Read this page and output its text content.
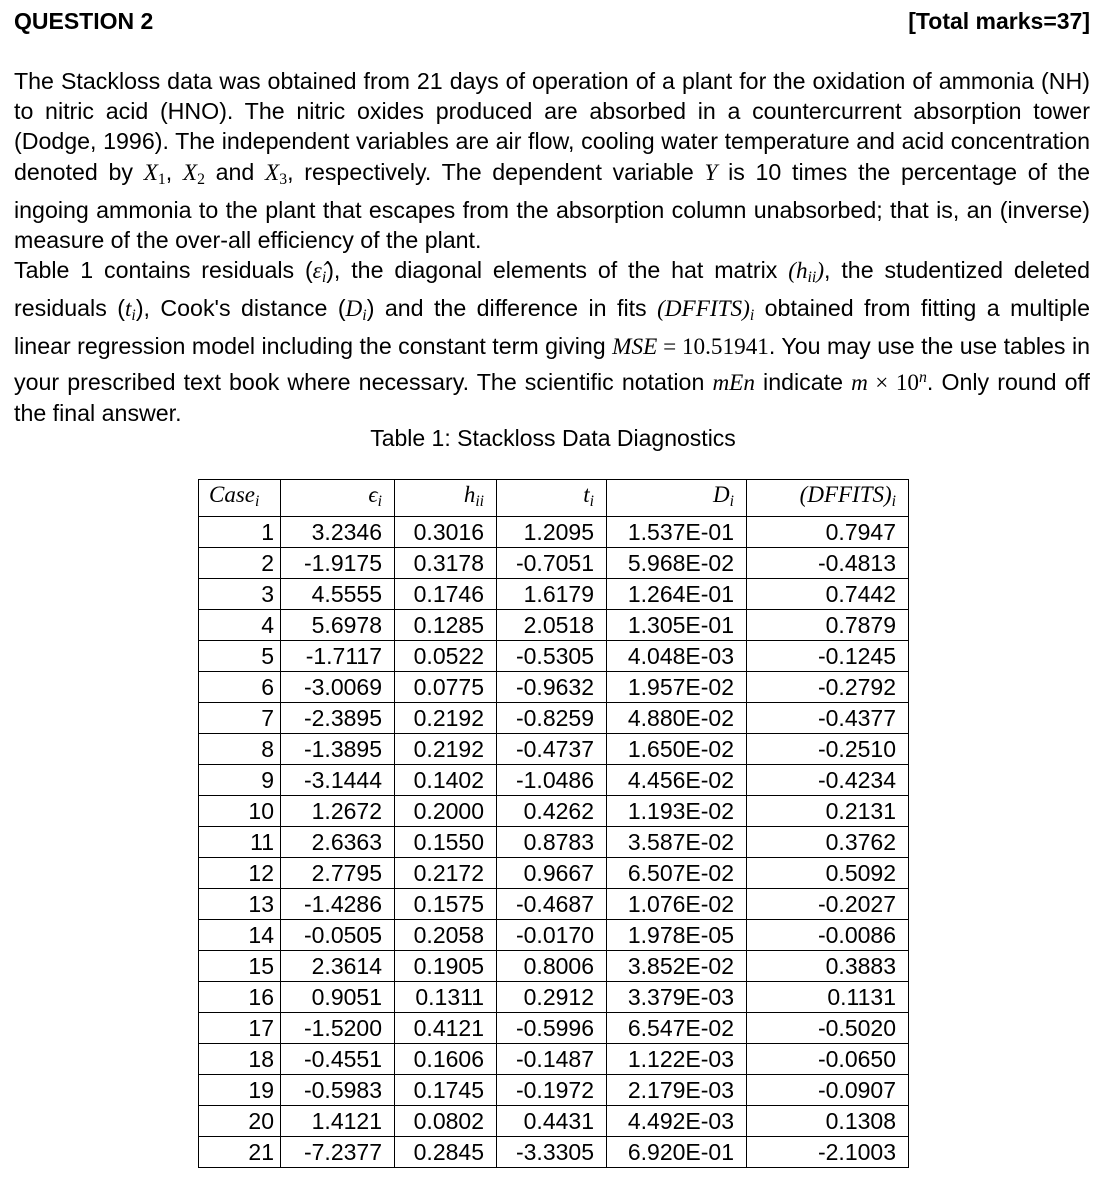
QUESTION 2	[Total marks=37]

The Stackloss data was obtained from 21 days of operation of a plant for the oxidation of ammonia (NH) to nitric acid (HNO). The nitric oxides produced are absorbed in a countercurrent absorption tower (Dodge, 1996). The independent variables are air flow, cooling water temperature and acid concentration denoted by X1, X2 and X3, respectively. The dependent variable Y is 10 times the percentage of the ingoing ammonia to the plant that escapes from the absorption column unabsorbed; that is, an (inverse) measure of the over-all efficiency of the plant.

Table 1 contains residuals $(\varepsilon̂_i)$, the diagonal elements of the hat matrix $(h_{ii})$, the studentized deleted residuals $(t_i)$, Cook's distance $(D_i)$ and the difference in fits $(DFFITS)_i$ obtained from fitting a multiple linear regression model including the constant term giving MSE = 10.51941. You may use the use tables in your prescribed text book where necessary. The scientific notation mEn indicate $m \times 10^n$. Only round off the final answer.

Table 1: Stackloss Data Diagnostics
Case$_i$	$\epsilon_i$	$h_{ii}$	$t_i$	$D_i$	$(DFFITS)_i$
1	3.2346	0.3016	1.2095	1.537E-01	0.7947
2	-1.9175	0.3178	-0.7051	5.968E-02	-0.4813
3	4.5555	0.1746	1.6179	1.264E-01	0.7442
4	5.6978	0.1285	2.0518	1.305E-01	0.7879
5	-1.7117	0.0522	-0.5305	4.048E-03	-0.1245
6	-3.0069	0.0775	-0.9632	1.957E-02	-0.2792
7	-2.3895	0.2192	-0.8259	4.880E-02	-0.4377
8	-1.3895	0.2192	-0.4737	1.650E-02	-0.2510
9	-3.1444	0.1402	-1.0486	4.456E-02	-0.4234
10	1.2672	0.2000	0.4262	1.193E-02	0.2131
11	2.6363	0.1550	0.8783	3.587E-02	0.3762
12	2.7795	0.2172	0.9667	6.507E-02	0.5092
13	-1.4286	0.1575	-0.4687	1.076E-02	-0.2027
14	-0.0505	0.2058	-0.0170	1.978E-05	-0.0086
15	2.3614	0.1905	0.8006	3.852E-02	0.3883
16	0.9051	0.1311	0.2912	3.379E-03	0.1131
17	-1.5200	0.4121	-0.5996	6.547E-02	-0.5020
18	-0.4551	0.1606	-0.1487	1.122E-03	-0.0650
19	-0.5983	0.1745	-0.1972	2.179E-03	-0.0907
20	1.4121	0.0802	0.4431	4.492E-03	0.1308
21	-7.2377	0.2845	-3.3305	6.920E-01	-2.1003
